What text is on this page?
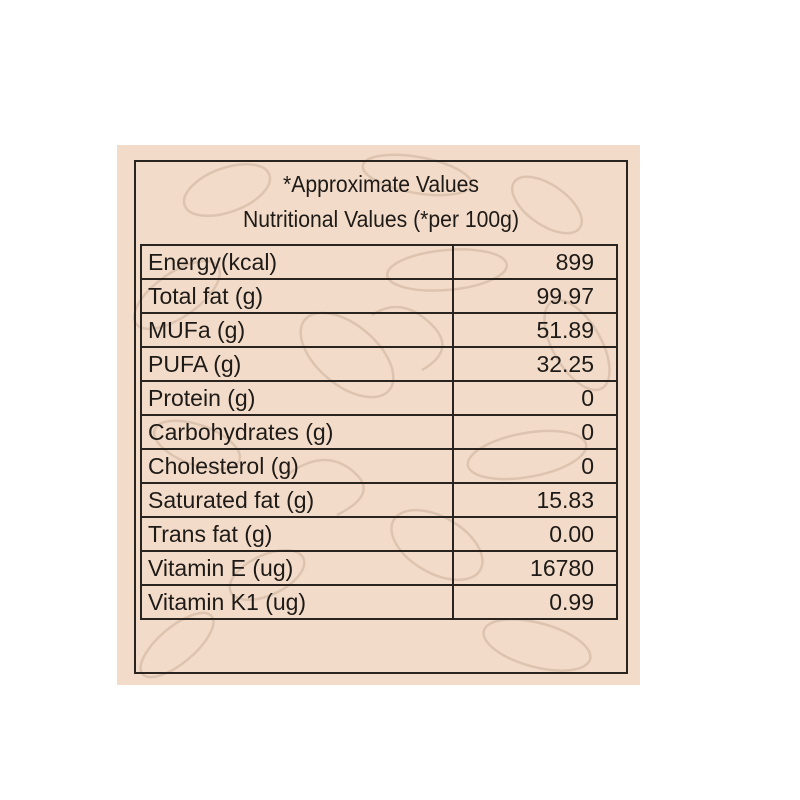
*Approximate Values
Nutritional Values (*per 100g)
Energy(kcal)	899
Total fat (g)	99.97
MUFa (g)	51.89
PUFA (g)	32.25
Protein (g)	0
Carbohydrates (g)	0
Cholesterol (g)	0
Saturated fat (g)	15.83
Trans fat (g)	0.00
Vitamin E (ug)	16780
Vitamin K1 (ug)	0.99
